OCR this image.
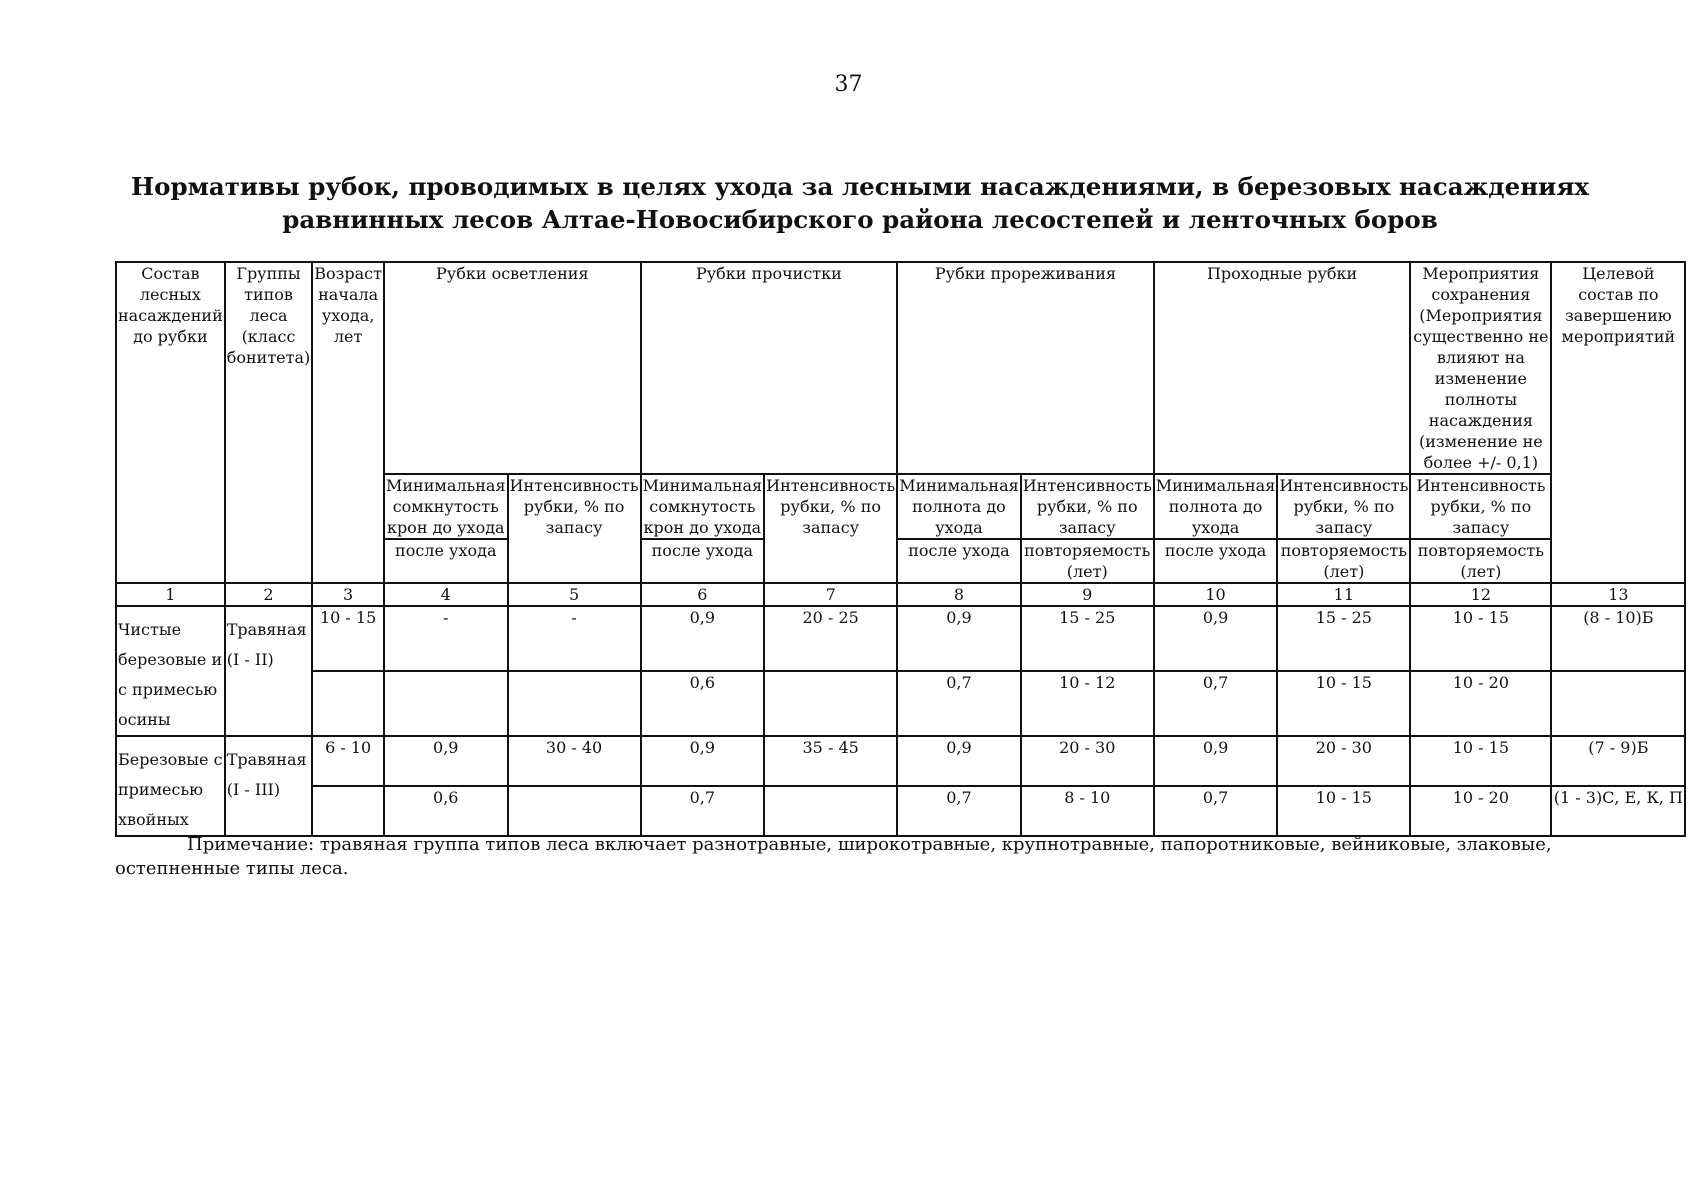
37
Нормативы рубок, проводимых в целях ухода за лесными насаждениями, в березовых насаждениях равнинных лесов Алтае-Новосибирского района лесостепей и ленточных боров
Состав лесных насаждений до рубки	Группы типов леса (класс бонитета)	Возраст начала ухода, лет	Рубки осветления		Рубки прочистки		Рубки прореживания		Проходные рубки		Мероприятия сохранения (Мероприятия существенно не влияют на изменение полноты насаждения (изменение не более +/- 0,1)	Целевой состав по завершению мероприятий
			Минимальная сомкнутость крон до ухода	Интенсивность рубки, % по запасу	Минимальная сомкнутость крон до ухода	Интенсивность рубки, % по запасу	Минимальная полнота до ухода	Интенсивность рубки, % по запасу	Минимальная полнота до ухода	Интенсивность рубки, % по запасу	Интенсивность рубки, % по запасу	
			после ухода		после ухода		после ухода	повторяемость (лет)	после ухода	повторяемость (лет)	повторяемость (лет)	
1	2	3	4	5	6	7	8	9	10	11	12	13
Чистые березовые и с примесью осины	Травяная (I - II)	10 - 15	-	-	0,9	20 - 25	0,9	15 - 25	0,9	15 - 25	10 - 15	(8 - 10)Б
					0,6		0,7	10 - 12	0,7	10 - 15	10 - 20	
Березовые с примесью хвойных	Травяная (I - III)	6 - 10	0,9	30 - 40	0,9	35 - 45	0,9	20 - 30	0,9	20 - 30	10 - 15	(7 - 9)Б
			0,6		0,7		0,7	8 - 10	0,7	10 - 15	10 - 20	(1 - 3)С, Е, К, П

Примечание: травяная группа типов леса включает разнотравные, широкотравные, крупнотравные, папоротниковые, вейниковые, злаковые, остепненные типы леса.
